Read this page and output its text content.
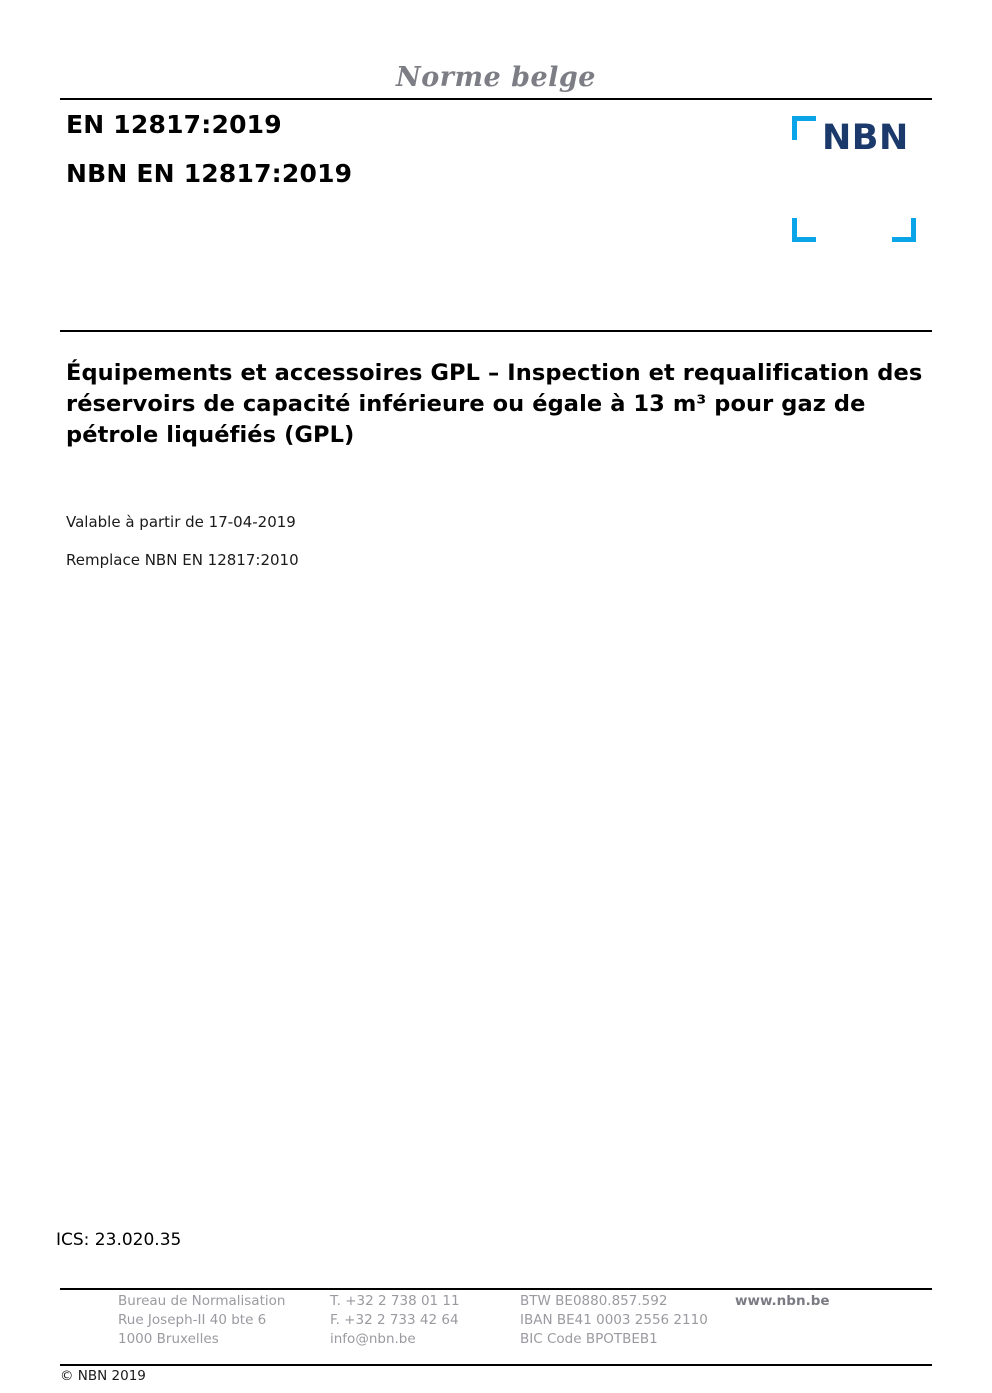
Norme belge
EN 12817:2019
NBN EN 12817:2019
NBN
Équipements et accessoires GPL – Inspection et requalification des réservoirs de capacité inférieure ou égale à 13 m³ pour gaz de pétrole liquéfiés (GPL)
Valable à partir de 17-04-2019
Remplace NBN EN 12817:2010
ICS: 23.020.35
Bureau de Normalisation
Rue Joseph-II 40 bte 6
1000 Bruxelles
T. +32 2 738 01 11
F. +32 2 733 42 64
info@nbn.be
BTW BE0880.857.592
IBAN BE41 0003 2556 2110
BIC Code BPOTBEB1
www.nbn.be
© NBN 2019
